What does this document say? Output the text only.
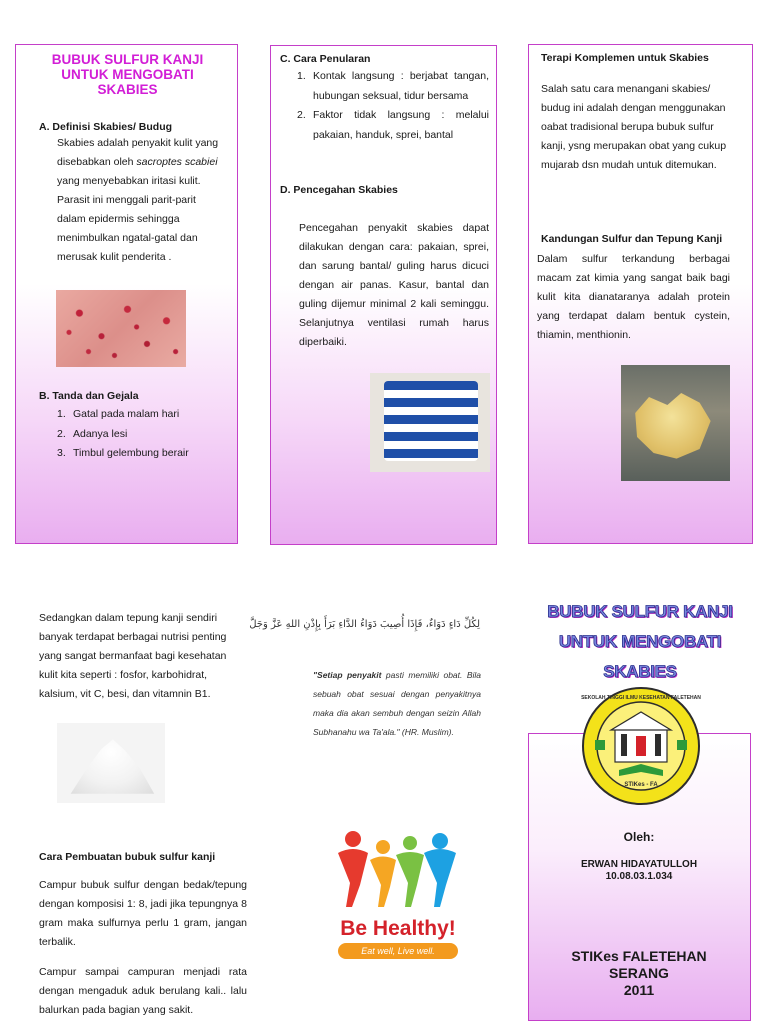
BUBUK SULFUR KANJI UNTUK MENGOBATI SKABIES
A. Definisi Skabies/ Budug
Skabies adalah penyakit kulit yang
disebabkan oleh sacroptes scabiei
yang menyebabkan iritasi kulit.
Parasit ini menggali parit-parit
dalam epidermis sehingga
menimbulkan ngatal-gatal dan
merusak kulit penderita .
B. Tanda dan Gejala
1. Gatal pada malam hari
2. Adanya lesi
3. Timbul gelembung berair
C. Cara Penularan
1. Kontak langsung : berjabat tangan, hubungan seksual, tidur bersama
2. Faktor tidak langsung : melalui pakaian, handuk, sprei, bantal
D. Pencegahan Skabies
Pencegahan penyakit skabies dapat dilakukan dengan cara: pakaian, sprei, dan sarung bantal/ guling harus dicuci dengan air panas. Kasur, bantal dan guling dijemur minimal 2 kali seminggu. Selanjutnya ventilasi rumah harus diperbaiki.
Terapi Komplemen untuk Skabies
Salah satu cara menangani skabies/ budug ini adalah dengan menggunakan oabat tradisional berupa bubuk sulfur kanji, ysng merupakan obat yang cukup mujarab dsn mudah untuk ditemukan.
Kandungan Sulfur dan Tepung Kanji
Dalam sulfur terkandung berbagai macam zat kimia yang sangat baik bagi kulit kita dianataranya adalah protein yang terdapat dalam bentuk cystein, thiamin, menthionin.
Sedangkan dalam tepung kanji sendiri banyak terdapat berbagai nutrisi penting yang sangat bermanfaat bagi kesehatan kulit kita seperti : fosfor, karbohidrat, kalsium, vit C, besi, dan vitamnin B1.
Cara Pembuatan bubuk sulfur kanji
Campur bubuk sulfur dengan bedak/tepung dengan komposisi 1: 8, jadi jika tepungnya 8 gram maka sulfurnya perlu 1 gram, jangan terbalik.
Campur sampai campuran menjadi rata dengan mengaduk aduk berulang kali.. lalu balurkan pada bagian yang sakit.
لِكُلِّ دَاءٍ دَوَاءٌ، فَإِذَا أُصِيبَ دَوَاءُ الدَّاءِ بَرَأَ بِإِذْنِ اللهِ عَزَّ وَجَلَّ
"Setiap penyakit pasti memiliki obat. Bila sebuah obat sesuai dengan penyakitnya maka dia akan sembuh dengan seizin Allah Subhanahu wa Ta'ala." (HR. Muslim).
Be Healthy!
Eat well, Live well.
BUBUK SULFUR KANJI
UNTUK MENGOBATI SKABIES
SEKOLAH TINGGI ILMU KESEHATAN FALETEHAN
STIKes - FA
Oleh:
ERWAN HIDAYATULLOH
10.08.03.1.034
STIKes FALETEHAN
SERANG
2011
